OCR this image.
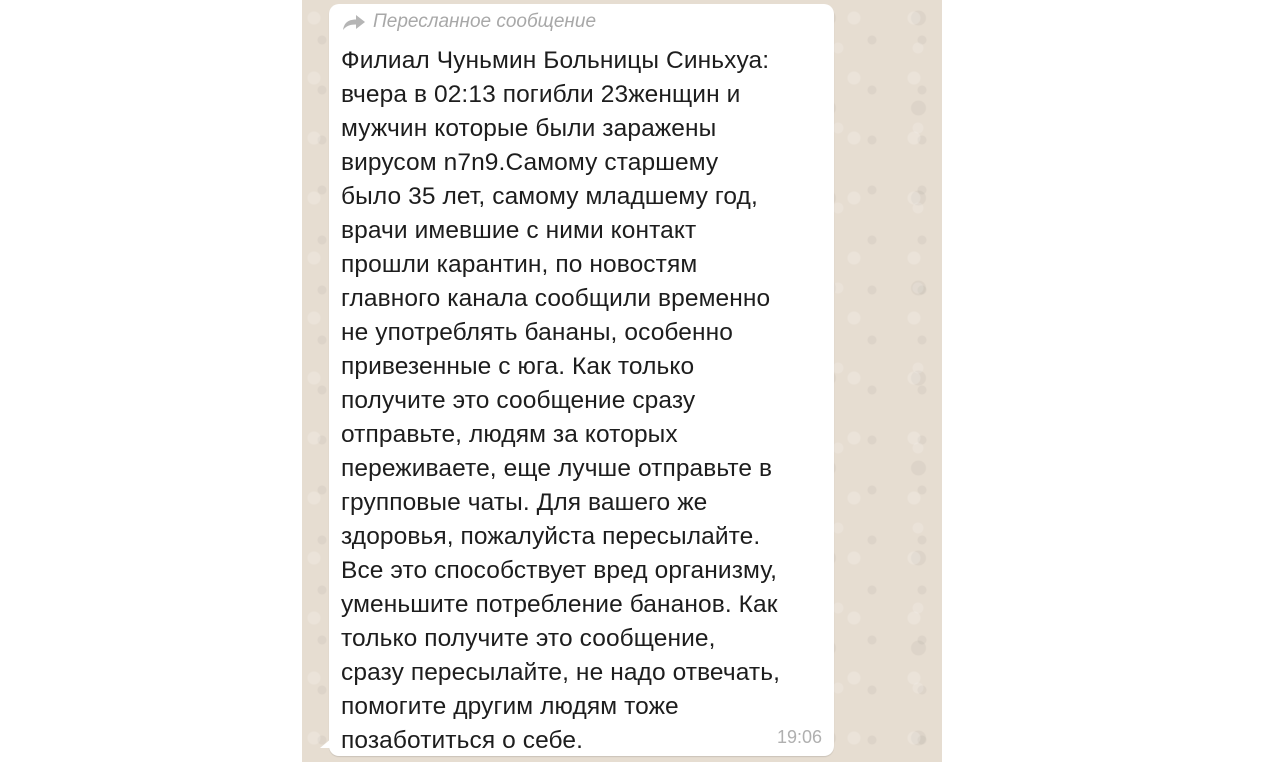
Пересланное сообщение
Филиал Чуньмин Больницы Синьхуа:
вчера в 02:13 погибли 23женщин и
мужчин которые были заражены
вирусом n7n9.Самому старшему
было 35 лет, самому младшему год,
врачи имевшие с ними контакт
прошли карантин, по новостям
главного канала сообщили временно
не употреблять бананы, особенно
привезенные с юга. Как только
получите это сообщение сразу
отправьте, людям за которых
переживаете, еще лучше отправьте в
групповые чаты. Для вашего же
здоровья, пожалуйста пересылайте.
Все это способствует вред организму,
уменьшите потребление бананов. Как
только получите это сообщение,
сразу пересылайте, не надо отвечать,
помогите другим людям тоже
позаботиться о себе.	19:06
